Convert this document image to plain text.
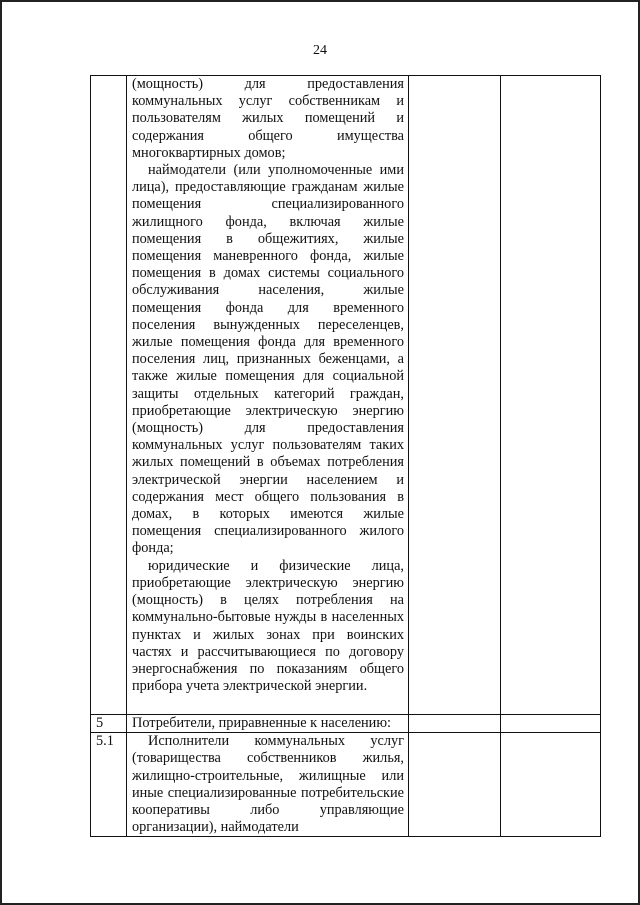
24

	(мощность) для предоставления коммунальных услуг собственникам и пользователям жилых помещений и содержания общего имущества многоквартирных домов;

наймодатели (или уполномоченные ими лица), предоставляющие гражданам жилые помещения специализированного жилищного фонда, включая жилые помещения в общежитиях, жилые помещения маневренного фонда, жилые помещения в домах системы социального обслуживания населения, жилые помещения фонда для временного поселения вынужденных переселенцев, жилые помещения фонда для временного поселения лиц, признанных беженцами, а также жилые помещения для социальной защиты отдельных категорий граждан, приобретающие электрическую энергию (мощность) для предоставления коммунальных услуг пользователям таких жилых помещений в объемах потребления электрической энергии населением и содержания мест общего пользования в домах, в которых имеются жилые помещения специализированного жилого фонда;

юридические и физические лица, приобретающие электрическую энергию (мощность) в целях потребления на коммунально-бытовые нужды в населенных пунктах и жилых зонах при воинских частях и рассчитывающиеся по договору энергоснабжения по показаниям общего прибора учета электрической энергии.		

5	Потребители, приравненные к населению:		
5.1	Исполнители коммунальных услуг (товарищества собственников жилья, жилищно-строительные, жилищные или иные специализированные потребительские кооперативы либо управляющие организации), наймодатели		
